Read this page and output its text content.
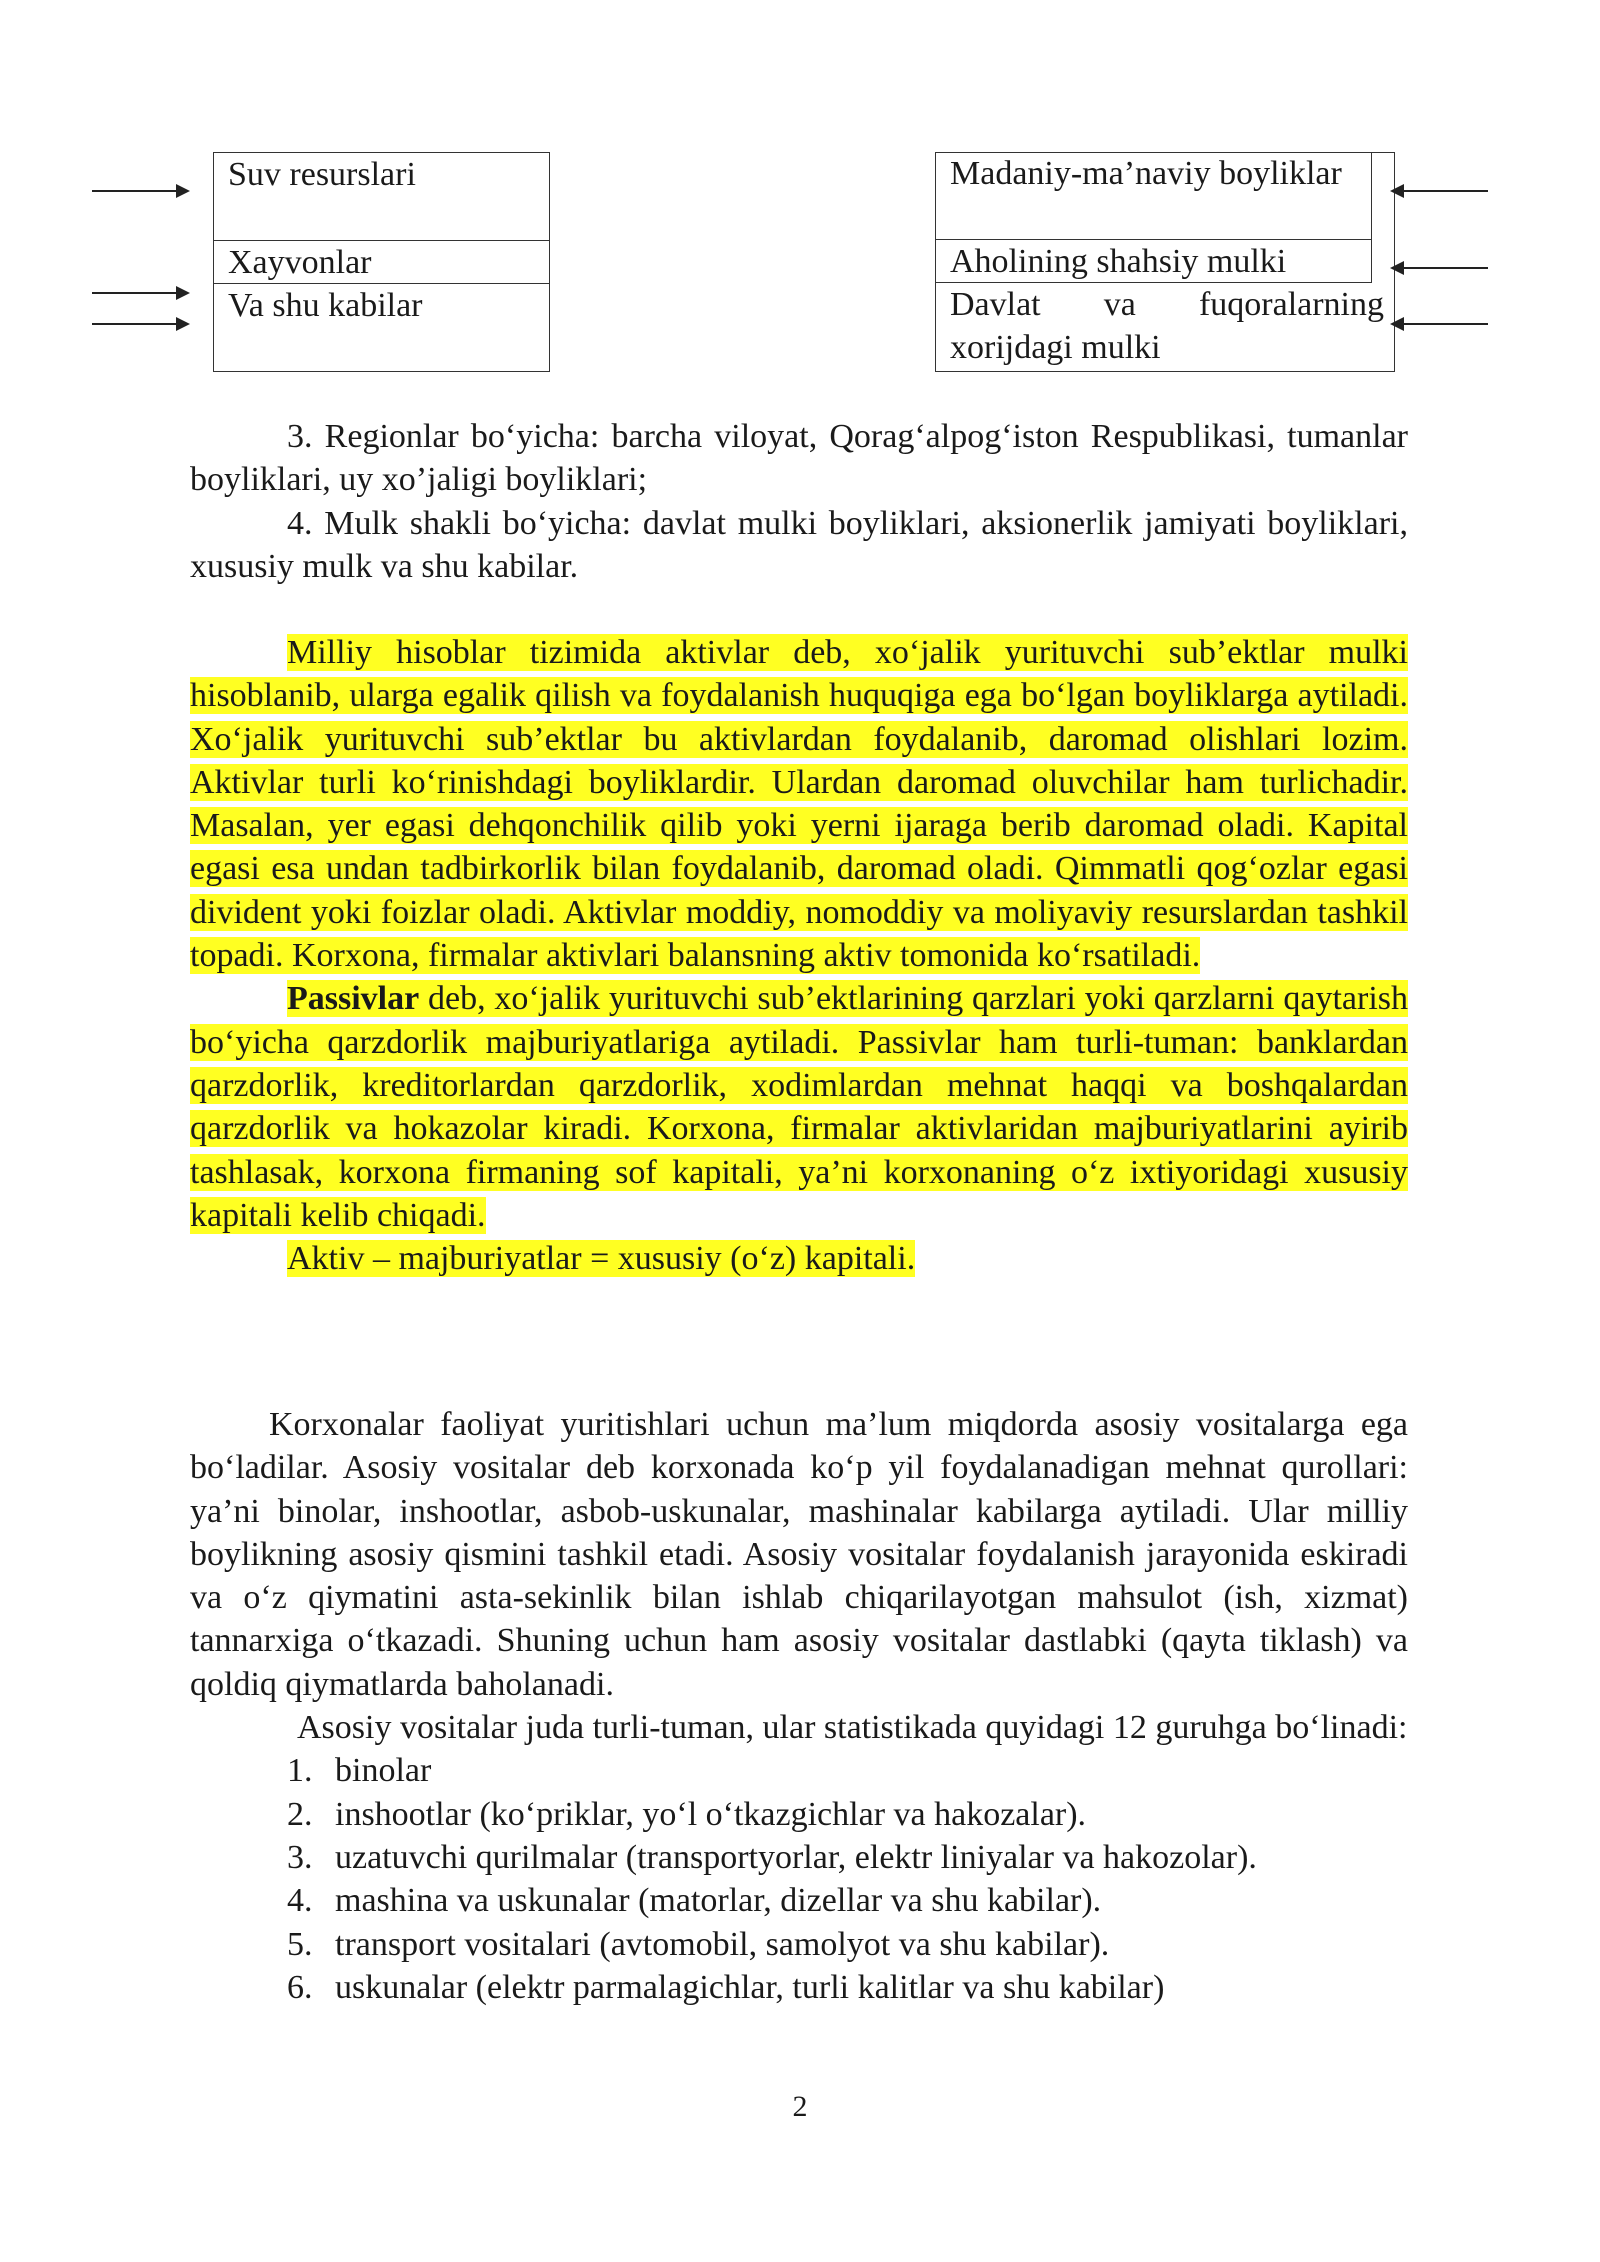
Suv resurslari
Xayvonlar
Va shu kabilar
Madaniy-ma’naviy boyliklar
Aholining shahsiy mulki
Davlat va fuqoralarning xorijdagi mulki

3. Regionlar bo‘yicha: barcha viloyat, Qorag‘alpog‘iston Respublikasi, tumanlar boyliklari, uy xo’jaligi boyliklari;

4. Mulk shakli bo‘yicha: davlat mulki boyliklari, aksionerlik jamiyati boyliklari, xususiy mulk va shu kabilar.

Milliy hisoblar tizimida aktivlar deb, xo‘jalik yurituvchi sub’ektlar mulki hisoblanib, ularga egalik qilish va foydalanish huquqiga ega bo‘lgan boyliklarga aytiladi. Xo‘jalik yurituvchi sub’ektlar bu aktivlardan foydalanib, daromad olishlari lozim. Aktivlar turli ko‘rinishdagi boyliklardir. Ulardan daromad oluvchilar ham turlichadir. Masalan, yer egasi dehqonchilik qilib yoki yerni ijaraga berib daromad oladi. Kapital egasi esa undan tadbirkorlik bilan foydalanib, daromad oladi. Qimmatli qog‘ozlar egasi divident yoki foizlar oladi. Aktivlar moddiy, nomoddiy va moliyaviy resurslardan tashkil topadi. Korxona, firmalar aktivlari balansning aktiv tomonida ko‘rsatiladi.

Passivlar deb, xo‘jalik yurituvchi sub’ektlarining qarzlari yoki qarzlarni qaytarish bo‘yicha qarzdorlik majburiyatlariga aytiladi. Passivlar ham turli-tuman: banklardan qarzdorlik, kreditorlardan qarzdorlik, xodimlardan mehnat haqqi va boshqalardan qarzdorlik va hokazolar kiradi. Korxona, firmalar aktivlaridan majburiyatlarini ayirib tashlasak, korxona firmaning sof kapitali, ya’ni korxonaning o‘z ixtiyoridagi xususiy kapitali kelib chiqadi.

Aktiv – majburiyatlar = xususiy (o‘z) kapitali.

Korxonalar faoliyat yuritishlari uchun ma’lum miqdorda asosiy vositalarga ega bo‘ladilar. Asosiy vositalar deb korxonada ko‘p yil foydalanadigan mehnat qurollari: ya’ni binolar, inshootlar, asbob-uskunalar, mashinalar kabilarga aytiladi. Ular milliy boylikning asosiy qismini tashkil etadi. Asosiy vositalar foydalanish jarayonida eskiradi va o‘z qiymatini asta-sekinlik bilan ishlab chiqarilayotgan mahsulot (ish, xizmat) tannarxiga o‘tkazadi. Shuning uchun ham asosiy vositalar dastlabki (qayta tiklash) va qoldiq qiymatlarda baholanadi.

Asosiy vositalar juda turli-tuman, ular statistikada quyidagi 12 guruhga bo‘linadi:

1. binolar
2. inshootlar (ko‘priklar, yo‘l o‘tkazgichlar va hakozalar).
3. uzatuvchi qurilmalar (transportyorlar, elektr liniyalar va hakozolar).
4. mashina va uskunalar (matorlar, dizellar va shu kabilar).
5. transport vositalari (avtomobil, samolyot va shu kabilar).
6. uskunalar (elektr parmalagichlar, turli kalitlar va shu kabilar)
2
